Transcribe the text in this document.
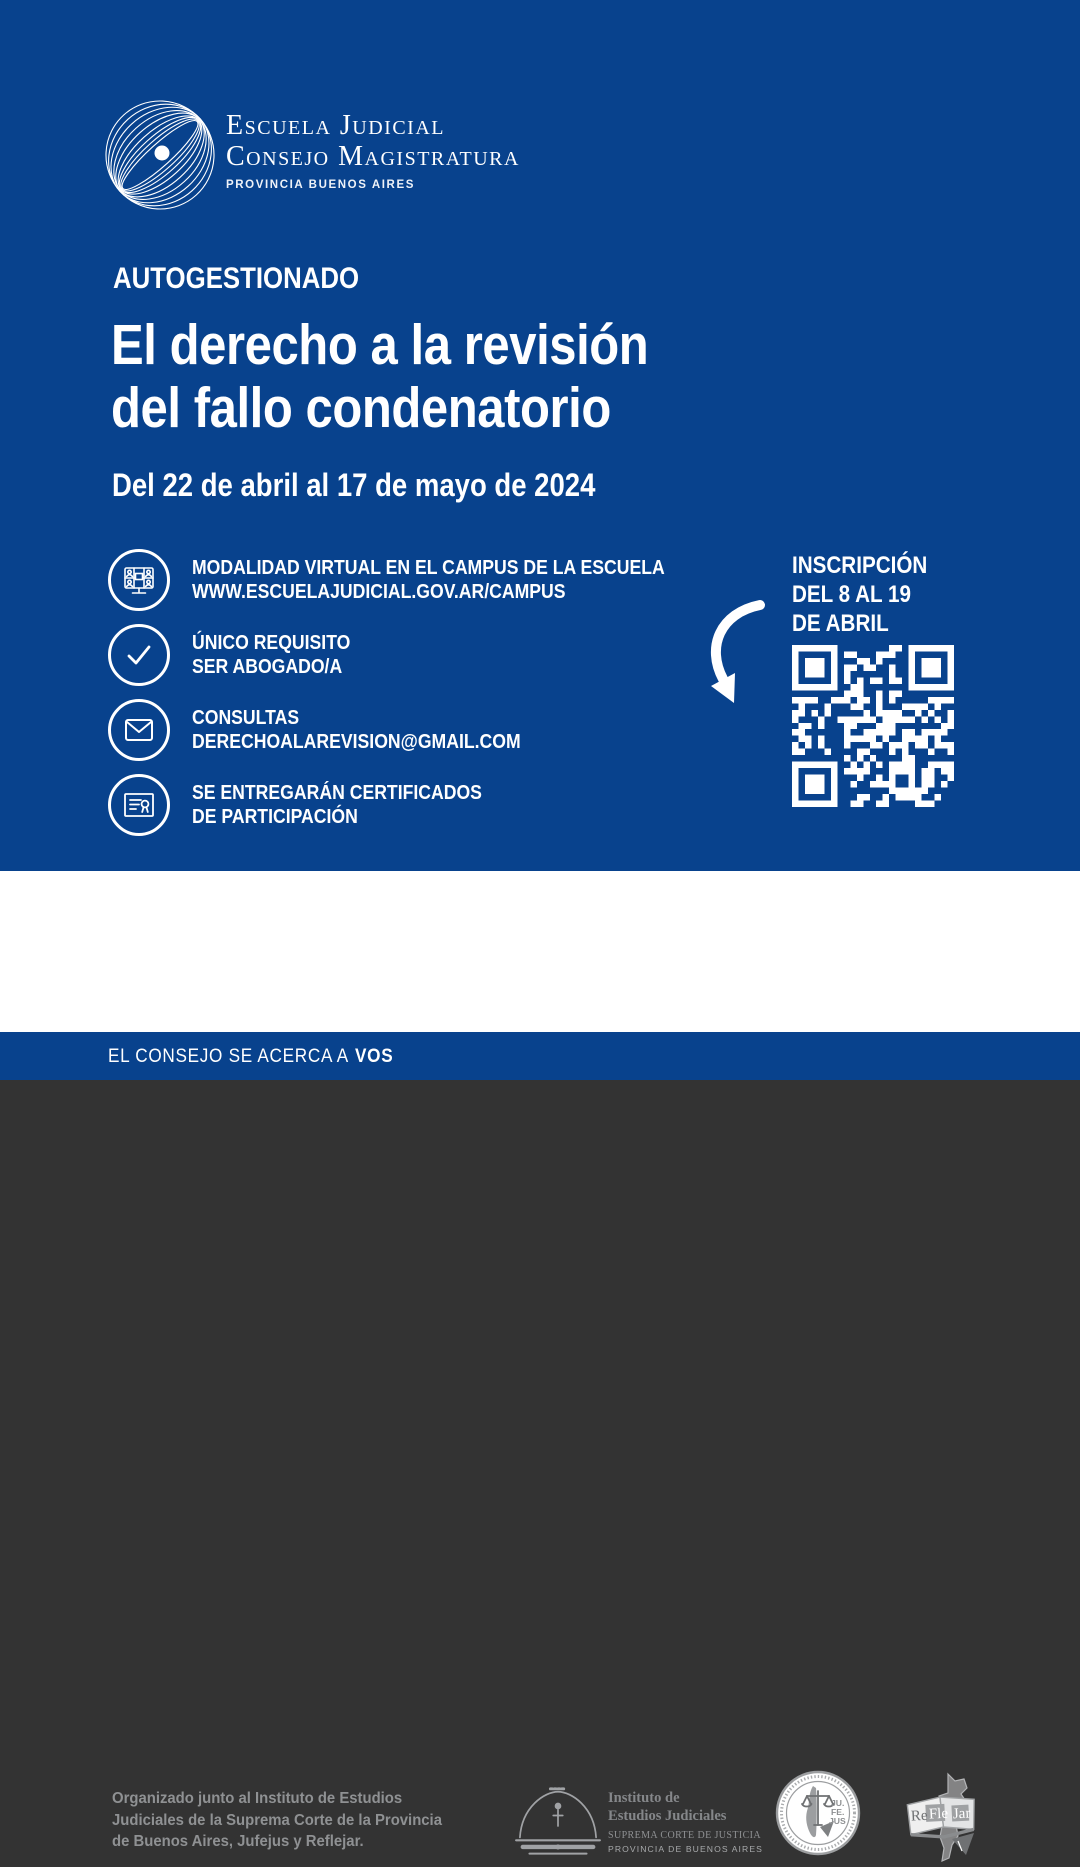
Escuela Judicial
Consejo Magistratura
PROVINCIA BUENOS AIRES
AUTOGESTIONADO
El derecho a la revisión
del fallo condenatorio
Del 22 de abril al 17 de mayo de 2024
MODALIDAD VIRTUAL EN EL CAMPUS DE LA ESCUELA
WWW.ESCUELAJUDICIAL.GOV.AR/CAMPUS
ÚNICO REQUISITO
SER ABOGADO/A
CONSULTAS
DERECHOALAREVISION@GMAIL.COM
SE ENTREGARÁN CERTIFICADOS
DE PARTICIPACIÓN
INSCRIPCIÓN
DEL 8 AL 19
DE ABRIL
Organizado junto al Instituto de Estudios
Judiciales de la Suprema Corte de la Provincia
de Buenos Aires, Jufejus y Reflejar.
Instituto de
Estudios Judiciales
SUPREMA CORTE DE JUSTICIA
PROVINCIA DE BUENOS AIRES
JU.
FE.
JUS	Re Fle Jar
EL CONSEJO SE ACERCA A VOS
